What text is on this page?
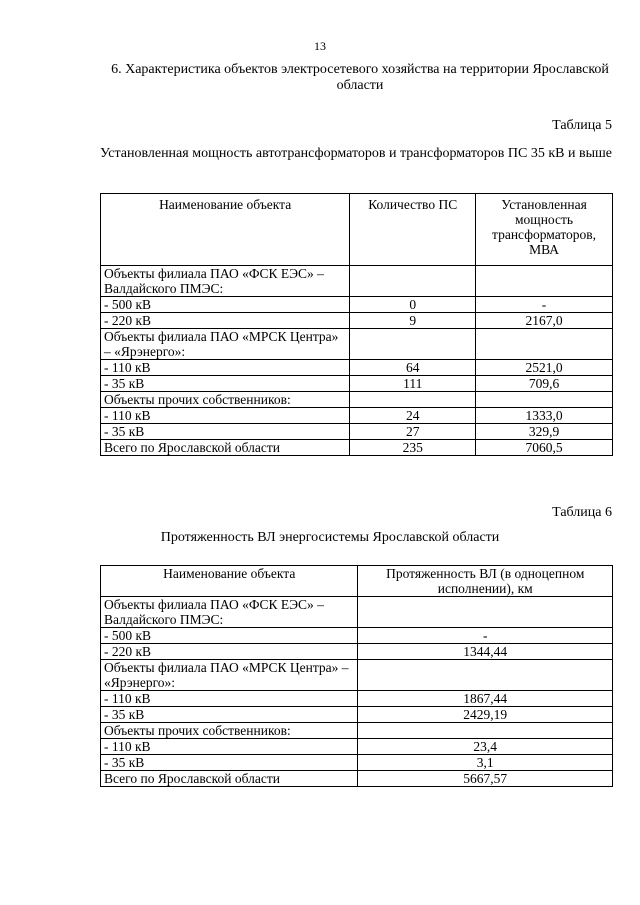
13
6. Характеристика объектов электросетевого хозяйства на территории Ярославской области
Таблица 5
Установленная мощность автотрансформаторов и трансформаторов ПС 35 кВ и выше
Наименование объекта	Количество ПС	Установленная мощность трансформаторов, МВА
Объекты филиала ПАО «ФСК ЕЭС» – Валдайского ПМЭС:		
- 500 кВ	0	-
- 220 кВ	9	2167,0
Объекты филиала ПАО «МРСК Центра» – «Ярэнерго»:		
- 110 кВ	64	2521,0
- 35 кВ	111	709,6
Объекты прочих собственников:		
- 110 кВ	24	1333,0
- 35 кВ	27	329,9
Всего по Ярославской области	235	7060,5
Таблица 6
Протяженность ВЛ энергосистемы Ярославской области
Наименование объекта	Протяженность ВЛ (в одноцепном исполнении), км
Объекты филиала ПАО «ФСК ЕЭС» – Валдайского ПМЭС:	
- 500 кВ	-
- 220 кВ	1344,44
Объекты филиала ПАО «МРСК Центра» – «Ярэнерго»:	
- 110 кВ	1867,44
- 35 кВ	2429,19
Объекты прочих собственников:	
- 110 кВ	23,4
- 35 кВ	3,1
Всего по Ярославской области	5667,57
